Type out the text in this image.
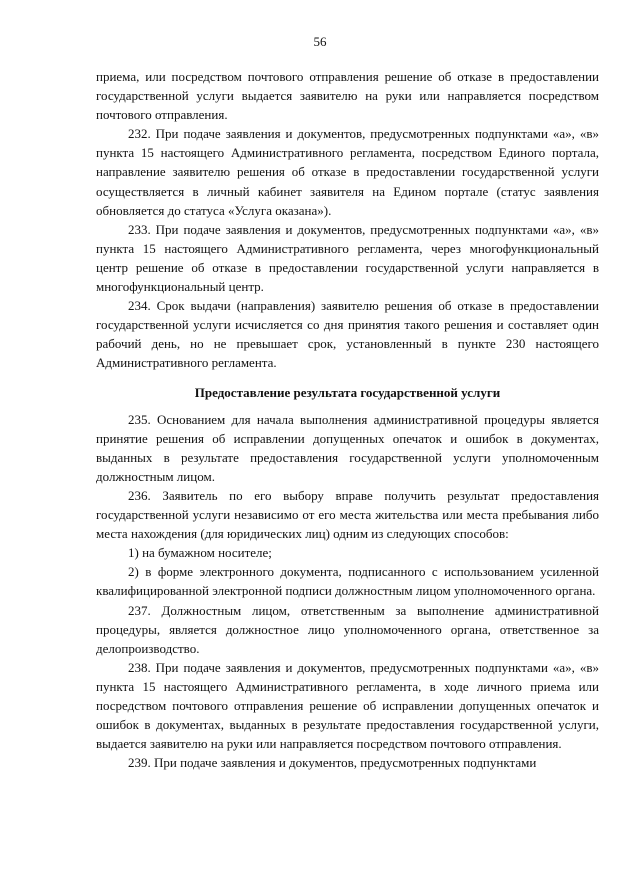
56

приема, или посредством почтового отправления решение об отказе в предоставлении государственной услуги выдается заявителю на руки или направляется посредством почтового отправления.

232. При подаче заявления и документов, предусмотренных подпунктами «а», «в» пункта 15 настоящего Административного регламента, посредством Единого портала, направление заявителю решения об отказе в предоставлении государственной услуги осуществляется в личный кабинет заявителя на Едином портале (статус заявления обновляется до статуса «Услуга оказана»).

233. При подаче заявления и документов, предусмотренных подпунктами «а», «в» пункта 15 настоящего Административного регламента, через многофункциональный центр решение об отказе в предоставлении государственной услуги направляется в многофункциональный центр.

234. Срок выдачи (направления) заявителю решения об отказе в предоставлении государственной услуги исчисляется со дня принятия такого решения и составляет один рабочий день, но не превышает срок, установленный в пункте 230 настоящего Административного регламента.

Предоставление результата государственной услуги

235. Основанием для начала выполнения административной процедуры является принятие решения об исправлении допущенных опечаток и ошибок в документах, выданных в результате предоставления государственной услуги уполномоченным должностным лицом.

236. Заявитель по его выбору вправе получить результат предоставления государственной услуги независимо от его места жительства или места пребывания либо места нахождения (для юридических лиц) одним из следующих способов:

1) на бумажном носителе;

2) в форме электронного документа, подписанного с использованием усиленной квалифицированной электронной подписи должностным лицом уполномоченного органа.

237. Должностным лицом, ответственным за выполнение административной процедуры, является должностное лицо уполномоченного органа, ответственное за делопроизводство.

238. При подаче заявления и документов, предусмотренных подпунктами «а», «в» пункта 15 настоящего Административного регламента, в ходе личного приема или посредством почтового отправления решение об исправлении допущенных опечаток и ошибок в документах, выданных в результате предоставления государственной услуги, выдается заявителю на руки или направляется посредством почтового отправления.

239. При подаче заявления и документов, предусмотренных подпунктами
